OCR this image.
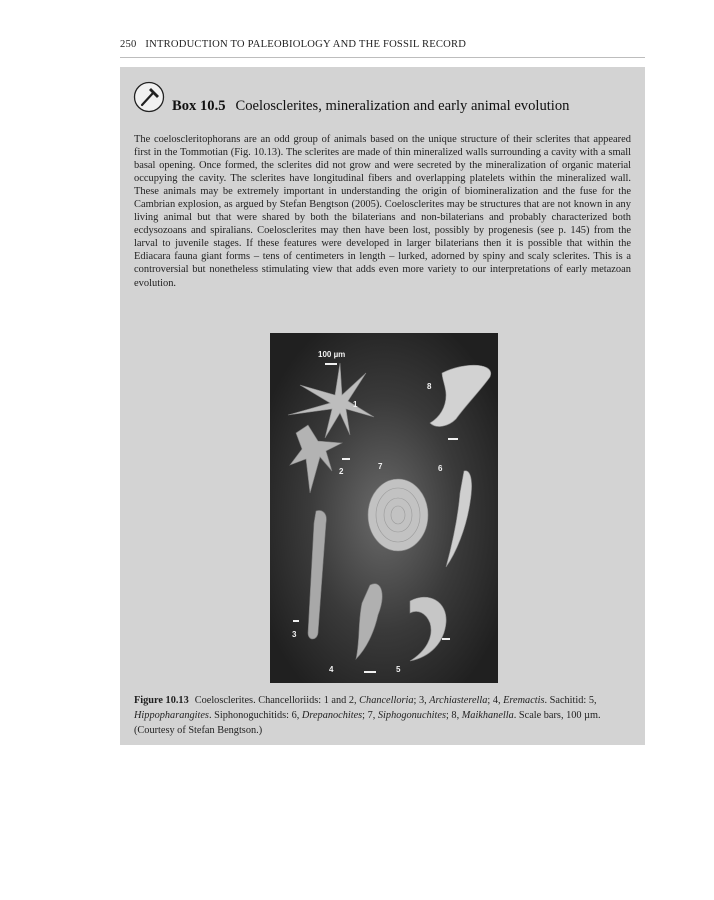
250 INTRODUCTION TO PALEOBIOLOGY AND THE FOSSIL RECORD
Box 10.5 Coelosclerites, mineralization and early animal evolution
The coeloscleritophorans are an odd group of animals based on the unique structure of their sclerites that appeared first in the Tommotian (Fig. 10.13). The sclerites are made of thin mineralized walls surrounding a cavity with a small basal opening. Once formed, the sclerites did not grow and were secreted by the mineralization of organic material occupying the cavity. The sclerites have longitudinal fibers and overlapping platelets within the mineralized wall. These animals may be extremely important in understanding the origin of biomineralization and the fuse for the Cambrian explosion, as argued by Stefan Bengtson (2005). Coelosclerites may be structures that are not known in any living animal but that were shared by both the bilaterians and non-bilaterians and probably characterized both ecdysozoans and spiralians. Coelosclerites may then have been lost, possibly by progenesis (see p. 145) from the larval to juvenile stages. If these features were developed in larger bilaterians then it is possible that within the Ediacara fauna giant forms – tens of centimeters in length – lurked, adorned by spiny and scaly sclerites. This is a controversial but nonetheless stimulating view that adds even more variety to our interpretations of early metazoan evolution.
100 µm
1
2
3
4	5
6
7
8
Figure 10.13 Coelosclerites. Chancelloriids: 1 and 2, Chancelloria; 3, Archiasterella; 4, Eremactis. Sachitid: 5, Hippopharangites. Siphonoguchitids: 6, Drepanochites; 7, Siphogonuchites; 8, Maikhanella. Scale bars, 100 µm. (Courtesy of Stefan Bengtson.)
